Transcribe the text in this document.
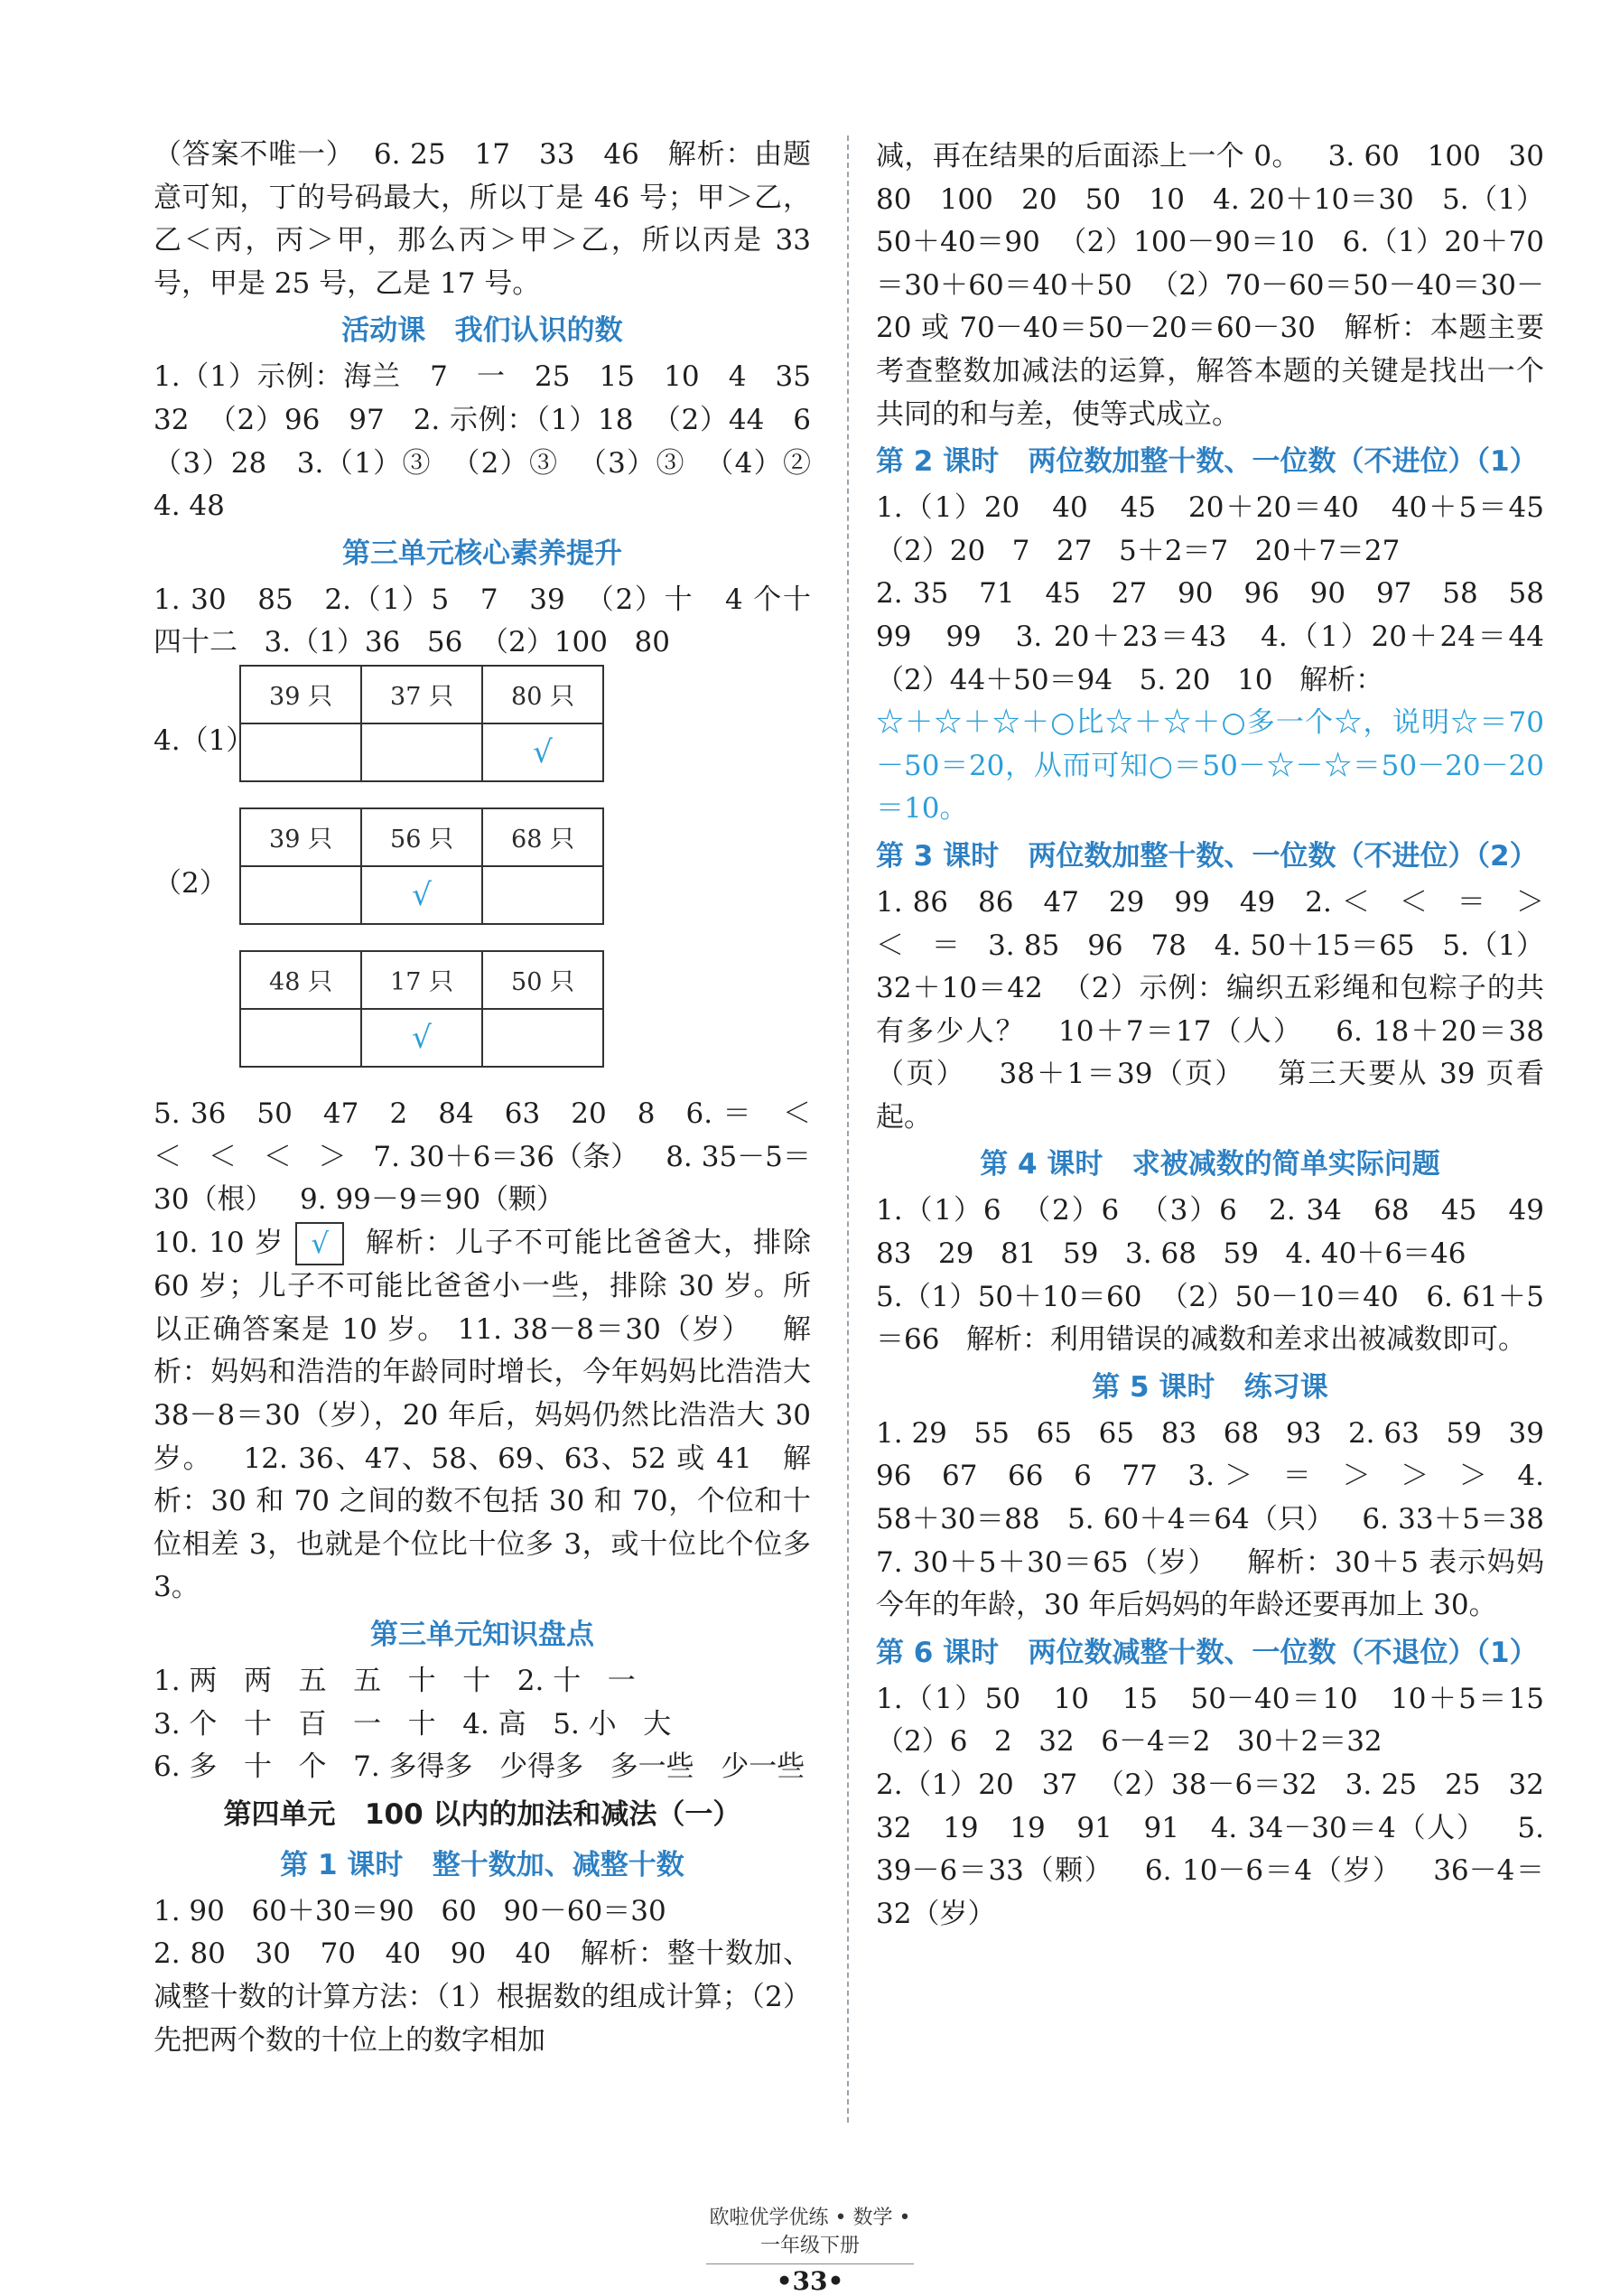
（答案不唯一）  6. 25   17   33   46   解析：由题意可知，丁的号码最大，所以丁是 46 号；甲＞乙，乙＜丙，丙＞甲，那么丙＞甲＞乙，所以丙是 33 号，甲是 25 号，乙是 17 号。

活动课   我们认识的数

1.（1）示例：海兰   7   一   25   15   10   4   35   32  （2）96   97   2. 示例：（1）18  （2）44   6  （3）28   3.（1）③  （2）③  （3）③  （4）②   4. 48

第三单元核心素养提升

1. 30   85   2.（1）5   7   39  （2）十   4 个十   四十二   3.（1）36   56  （2）100   80

4.（1）
39 只	37 只	80 只
		√
（2）
39 只	56 只	68 只
	√	
48 只	17 只	50 只
	√	

5. 36   50   47   2   84   63   20   8   6. ＝   ＜   ＜   ＜   ＜   ＞   7. 30＋6＝36（条）   8. 35－5＝30（根）   9. 99－9＝90（颗）

10. 10 岁 √  解析：儿子不可能比爸爸大，排除 60 岁；儿子不可能比爸爸小一些，排除 30 岁。所以正确答案是 10 岁。 11. 38－8＝30（岁）   解析：妈妈和浩浩的年龄同时增长，今年妈妈比浩浩大 38－8＝30（岁），20 年后，妈妈仍然比浩浩大 30 岁。   12. 36、47、58、69、63、52 或 41   解析：30 和 70 之间的数不包括 30 和 70，个位和十位相差 3，也就是个位比十位多 3，或十位比个位多 3。

第三单元知识盘点

1. 两   两   五   五   十   十   2. 十   一
3. 个   十   百   一   十   4. 高   5. 小   大
6. 多   十   个   7. 多得多   少得多   多一些   少一些

第四单元   100 以内的加法和减法（一）

第 1 课时   整十数加、减整十数

1. 90   60＋30＝90   60   90－60＝30
2. 80   30   70   40   90   40   解析：整十数加、减整十数的计算方法：（1）根据数的组成计算；（2）先把两个数的十位上的数字相加

减，再在结果的后面添上一个 0。   3. 60   100   30   80   100   20   50   10   4. 20＋10＝30   5.（1）50＋40＝90  （2）100－90＝10   6.（1）20＋70＝30＋60＝40＋50  （2）70－60＝50－40＝30－20 或 70－40＝50－20＝60－30   解析：本题主要考查整数加减法的运算，解答本题的关键是找出一个共同的和与差，使等式成立。

第 2 课时   两位数加整十数、一位数（不进位）（1）

1.（1）20   40   45   20＋20＝40   40＋5＝45  （2）20   7   27   5＋2＝7   20＋7＝27
2. 35   71   45   27   90   96   90   97   58   58   99   99   3. 20＋23＝43   4.（1）20＋24＝44  （2）44＋50＝94   5. 20   10   解析：

☆＋☆＋☆＋○比☆＋☆＋○多一个☆，说明☆＝70－50＝20，从而可知○＝50－☆－☆＝50－20－20＝10。

第 3 课时   两位数加整十数、一位数（不进位）（2）

1. 86   86   47   29   99   49   2. ＜   ＜   ＝   ＞   ＜   ＝   3. 85   96   78   4. 50＋15＝65   5.（1）32＋10＝42  （2）示例：编织五彩绳和包粽子的共有多少人？   10＋7＝17（人）   6. 18＋20＝38（页）   38＋1＝39（页）   第三天要从 39 页看起。

第 4 课时   求被减数的简单实际问题

1.（1）6  （2）6  （3）6   2. 34   68   45   49   83   29   81   59   3. 68   59   4. 40＋6＝46
5.（1）50＋10＝60  （2）50－10＝40   6. 61＋5＝66   解析：利用错误的减数和差求出被减数即可。

第 5 课时   练习课

1. 29   55   65   65   83   68   93   2. 63   59   39   96   67   66   6   77   3. ＞   ＝   ＞   ＞   ＞   4. 58＋30＝88   5. 60＋4＝64（只）   6. 33＋5＝38   7. 30＋5＋30＝65（岁）   解析：30＋5 表示妈妈今年的年龄，30 年后妈妈的年龄还要再加上 30。

第 6 课时   两位数减整十数、一位数（不退位）（1）

1.（1）50   10   15   50－40＝10   10＋5＝15  （2）6   2   32   6－4＝2   30＋2＝32
2.（1）20   37  （2）38－6＝32   3. 25   25   32   32   19   19   91   91   4. 34－30＝4（人）   5. 39－6＝33（颗）   6. 10－6＝4（岁）   36－4＝32（岁）

欧啦优学优练 • 数学 • 一年级下册
•33•
